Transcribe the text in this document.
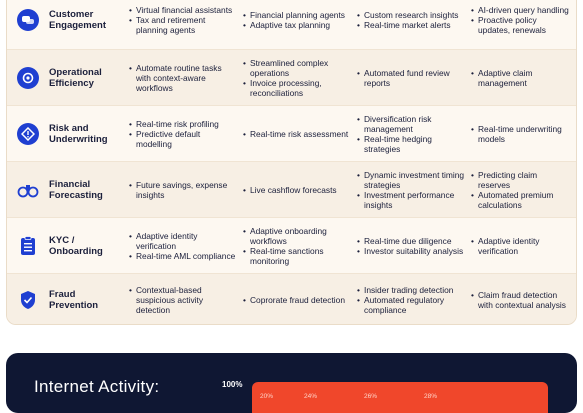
Customer
Engagement
• Virtual financial assistants
• Tax and retirement planning agents
• Financial planning agents
• Adaptive tax planning
• Custom research insights
• Real-time market alerts
• AI-driven query handling
• Proactive policy updates, renewals
Operational
Efficiency
• Automate routine tasks with context-aware workflows
• Streamlined complex operations
• Invoice processing, reconciliations
• Automated fund review reports
• Adaptive claim management
Risk and
Underwriting
• Real-time risk profiling
• Predictive default modelling
• Real-time risk assessment
• Diversification risk management
• Real-time hedging strategies
• Real-time underwriting models
Financial
Forecasting
• Future savings, expense insights
•	Live cashflow forecasts
• Dynamic investment timing strategies
• Investment performance insights
• Predicting claim reserves
• Automated premium calculations
KYC /
Onboarding
• Adaptive identity verification
• Real-time AML compliance
• Adaptive onboarding workflows
• Real-time sanctions monitoring
• Real-time due diligence
• Investor suitability analysis
• Adaptive identity verification
Fraud
Prevention
• Contextual-based suspicious activity detection
• Coprorate fraud detection
• Insider trading detection
• Automated regulatory compliance
• Claim fraud detection with contextual analysis
Internet Activity:	100%
20%	24%	26%	28%
